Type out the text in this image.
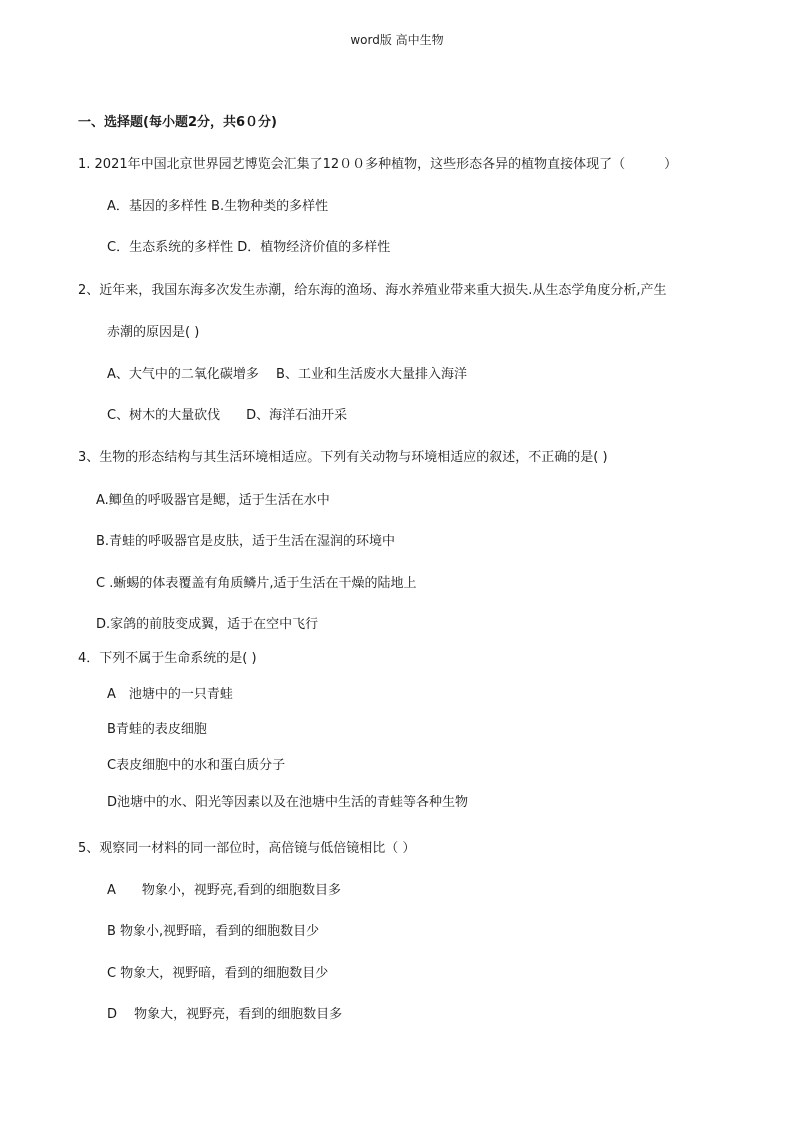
word版 高中生物
一、选择题(每小题2分，共6０分)
1. 2021年中国北京世界园艺博览会汇集了12００多种植物，这些形态各异的植物直接体现了（　　　）
A．基因的多样性 B.生物种类的多样性
C．生态系统的多样性 D．植物经济价值的多样性
2、近年来，我国东海多次发生赤潮，给东海的渔场、海水养殖业带来重大损失.从生态学角度分析,产生
赤潮的原因是( )
A、大气中的二氧化碳增多　 B、工业和生活废水大量排入海洋
C、树木的大量砍伐　　D、海洋石油开采
3、生物的形态结构与其生活环境相适应。下列有关动物与环境相适应的叙述，不正确的是( )
A.鲫鱼的呼吸器官是鳃，适于生活在水中
B.青蛙的呼吸器官是皮肤，适于生活在湿润的环境中
C .蜥蜴的体表覆盖有角质鳞片,适于生活在干燥的陆地上
D.家鸽的前肢变成翼，适于在空中飞行
4．下列不属于生命系统的是( )
A　池塘中的一只青蛙
B青蛙的表皮细胞
C表皮细胞中的水和蛋白质分子
D池塘中的水、阳光等因素以及在池塘中生活的青蛙等各种生物
5、观察同一材料的同一部位时，高倍镜与低倍镜相比（ ）
A　　物象小，视野亮,看到的细胞数目多
B 物象小,视野暗，看到的细胞数目少
C 物象大，视野暗，看到的细胞数目少
D　 物象大，视野亮，看到的细胞数目多
